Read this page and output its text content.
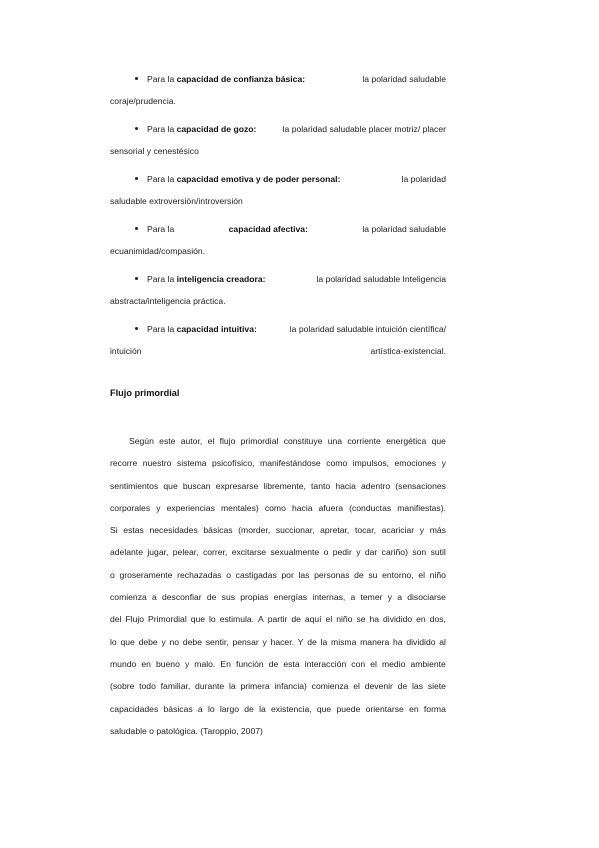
Para la capacidad de confianza básica:	la polaridad saludable
coraje/prudencia.
Para la capacidad de gozo:	la polaridad saludable placer motriz/ placer
sensorial y cenestésico
Para la capacidad emotiva y de poder personal:	la polaridad
saludable extroversión/introversión
Para la	capacidad afectiva:	la polaridad saludable
ecuanimidad/compasión.
Para la inteligencia creadora:	la polaridad saludable Inteligencia
abstracta/inteligencia práctica.
Para la capacidad intuitiva:	la polaridad saludable intuición científica/
intuición	artística-existencial.
Flujo primordial
Según este autor, el flujo primordial constituye una corriente energética que
recorre nuestro sistema psicofísico, manifestándose como impulsos, emociones y
sentimientos que buscan expresarse libremente, tanto hacia adentro (sensaciones
corporales y experiencias mentales) como hacia afuera (conductas manifiestas).
Si estas necesidades básicas (morder, succionar, apretar, tocar, acariciar y más
adelante jugar, pelear, correr, excitarse sexualmente o pedir y dar cariño) son sutil
o groseramente rechazadas o castigadas por las personas de su entorno, el niño
comienza a desconfiar de sus propias energías internas, a temer y a disociarse
del Flujo Primordial que lo estimula. A partir de aquí el niño se ha dividido en dos,
lo que debe y no debe sentir, pensar y hacer. Y de la misma manera ha dividido al
mundo en bueno y malo. En función de esta interacción con el medio ambiente
(sobre todo familiar, durante la primera infancia) comienza el devenir de las siete
capacidades básicas a lo largo de la existencia, que puede orientarse en forma
saludable o patológica. (Taroppio, 2007)
